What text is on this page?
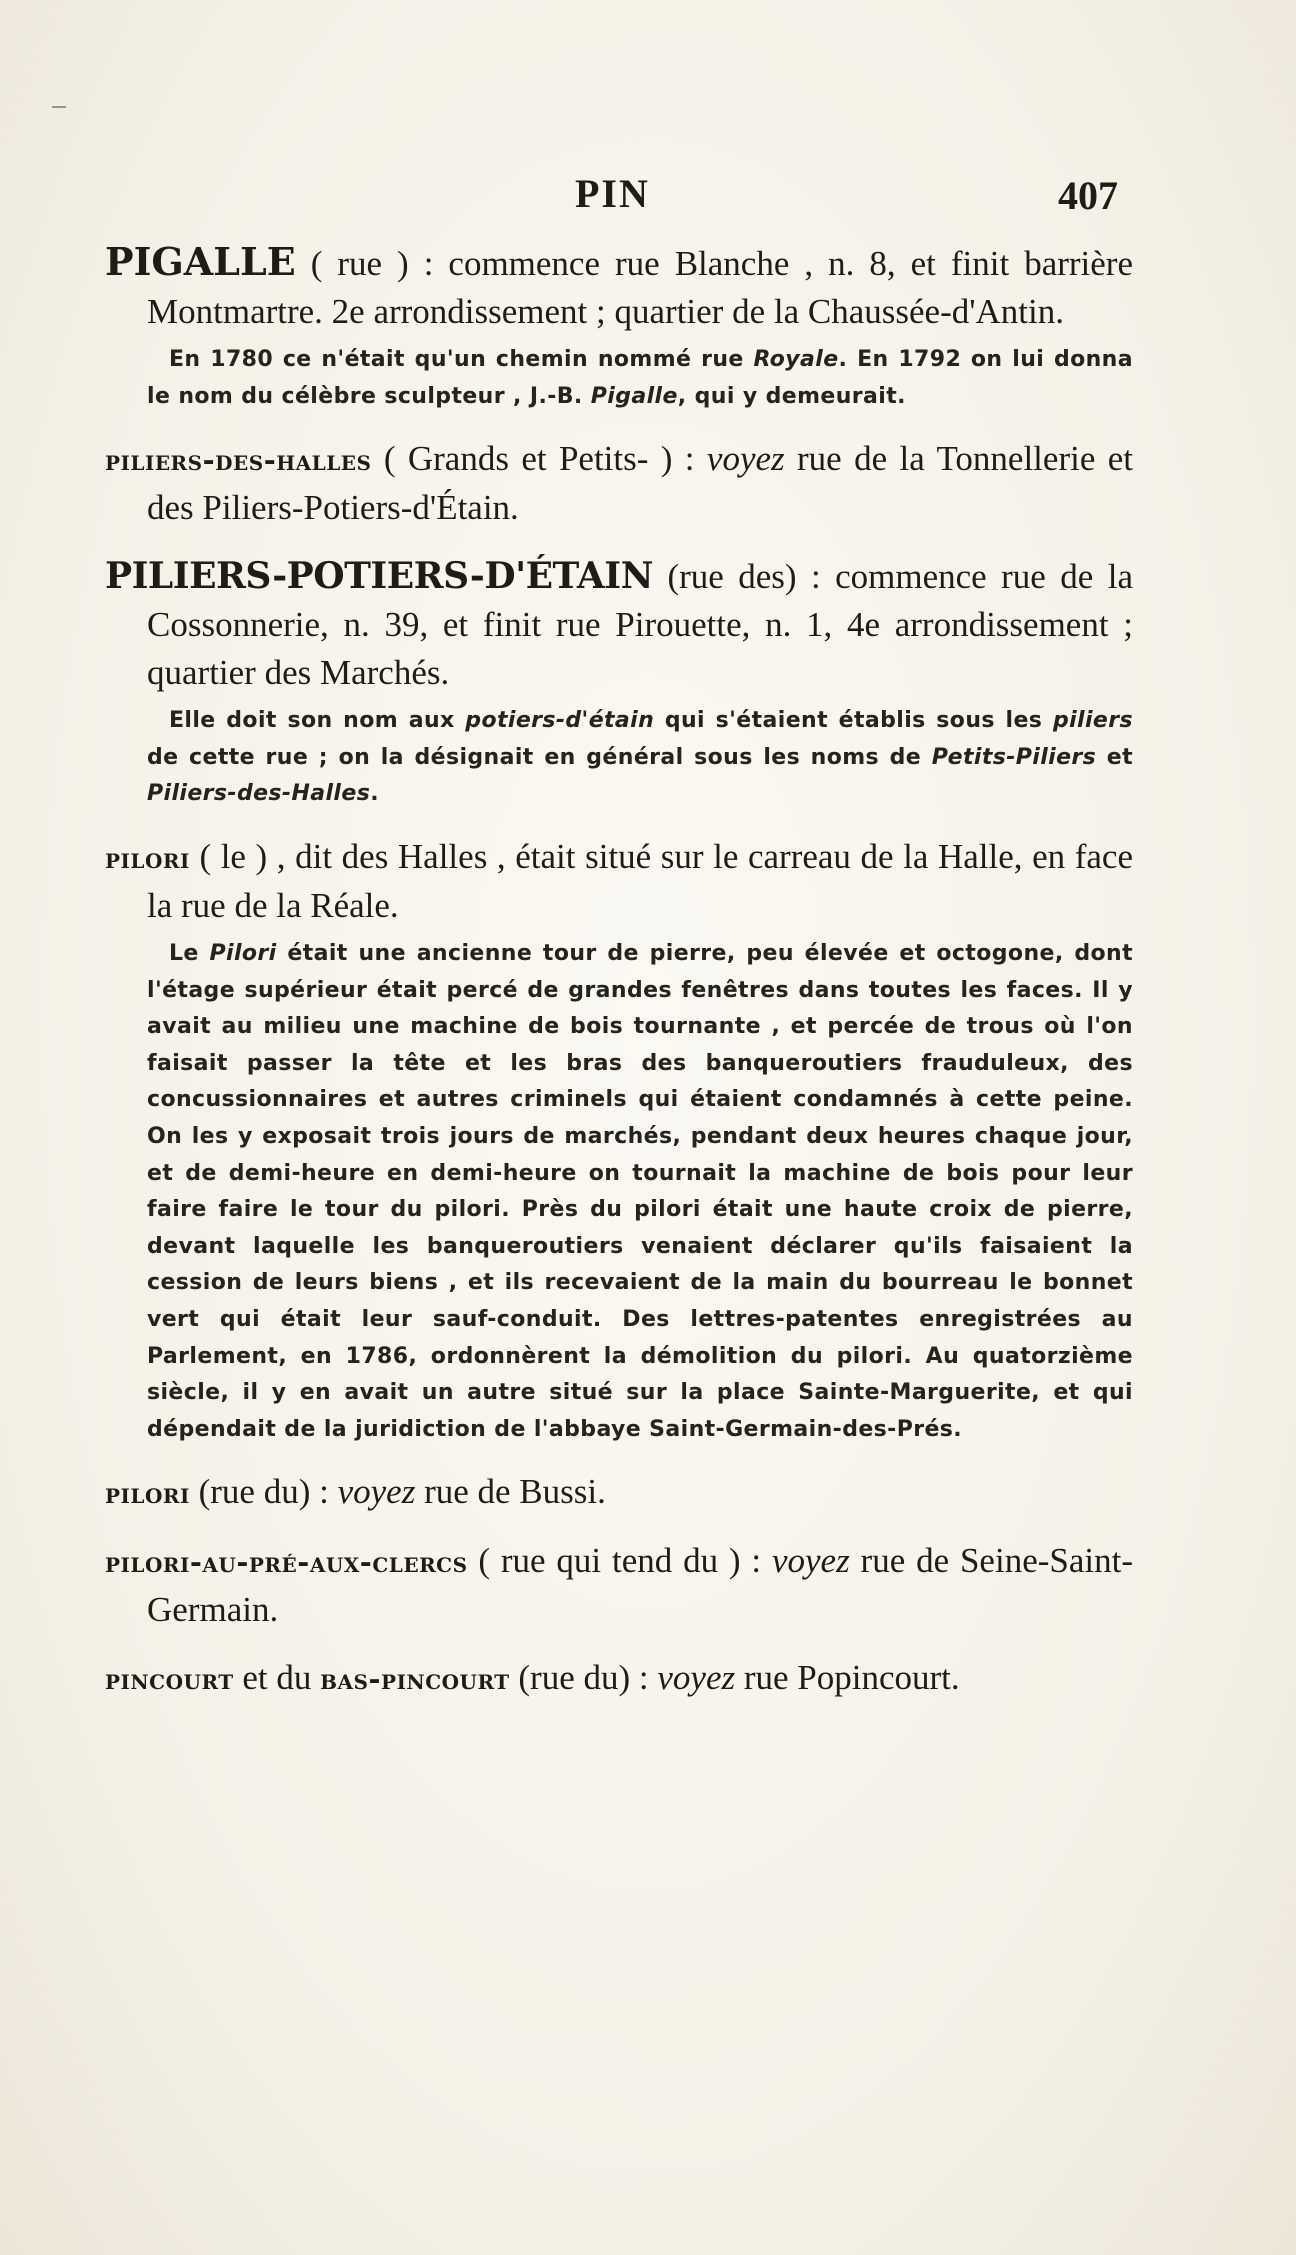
PIN	407

PIGALLE ( rue ) : commence rue Blanche , n. 8, et finit barrière Montmartre. 2e arrondissement ; quartier de la Chaussée-d'Antin.

En 1780 ce n'était qu'un chemin nommé rue Royale. En 1792 on lui donna le nom du célèbre sculpteur , J.-B. Pigalle, qui y demeurait.

piliers-des-halles ( Grands et Petits- ) : voyez rue de la Tonnellerie et des Piliers-Potiers-d'Étain.

PILIERS-POTIERS-D'ÉTAIN (rue des) : commence rue de la Cossonnerie, n. 39, et finit rue Pirouette, n. 1, 4e arrondissement ; quartier des Marchés.

Elle doit son nom aux potiers-d'étain qui s'étaient établis sous les piliers de cette rue ; on la désignait en général sous les noms de Petits-Piliers et Piliers-des-Halles.

pilori ( le ) , dit des Halles , était situé sur le carreau de la Halle, en face la rue de la Réale.

Le Pilori était une ancienne tour de pierre, peu élevée et octogone, dont l'étage supérieur était percé de grandes fenêtres dans toutes les faces. Il y avait au milieu une machine de bois tournante , et percée de trous où l'on faisait passer la tête et les bras des banqueroutiers frauduleux, des concussionnaires et autres criminels qui étaient condamnés à cette peine. On les y exposait trois jours de marchés, pendant deux heures chaque jour, et de demi-heure en demi-heure on tournait la machine de bois pour leur faire faire le tour du pilori. Près du pilori était une haute croix de pierre, devant laquelle les banqueroutiers venaient déclarer qu'ils faisaient la cession de leurs biens , et ils recevaient de la main du bourreau le bonnet vert qui était leur sauf-conduit. Des lettres-patentes enregistrées au Parlement, en 1786, ordonnèrent la démolition du pilori. Au quatorzième siècle, il y en avait un autre situé sur la place Sainte-Marguerite, et qui dépendait de la juridiction de l'abbaye Saint-Germain-des-Prés.

pilori (rue du) : voyez rue de Bussi.

pilori-au-pré-aux-clercs ( rue qui tend du ) : voyez rue de Seine-Saint-Germain.

pincourt et du bas-pincourt (rue du) : voyez rue Popincourt.
